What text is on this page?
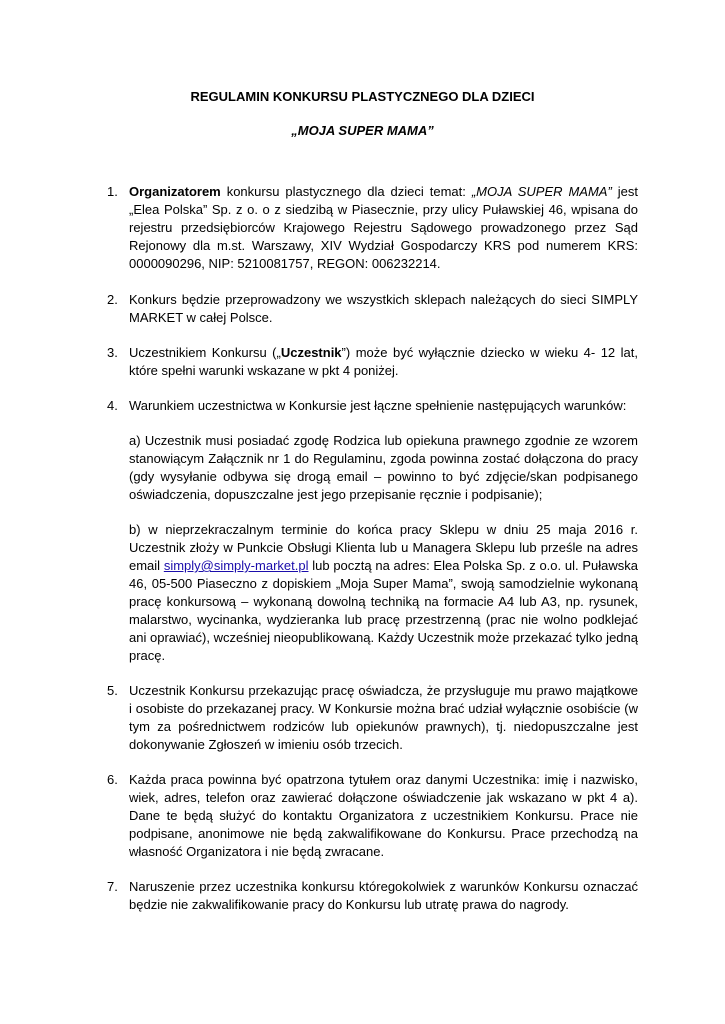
REGULAMIN KONKURSU PLASTYCZNEGO DLA DZIECI
„MOJA SUPER MAMA”
1. Organizatorem konkursu plastycznego dla dzieci temat: „MOJA SUPER MAMA” jest „Elea Polska” Sp. z o. o z siedzibą w Piasecznie, przy ulicy Puławskiej 46, wpisana do rejestru przedsiębiorców Krajowego Rejestru Sądowego prowadzonego przez Sąd Rejonowy dla m.st. Warszawy, XIV Wydział Gospodarczy KRS pod numerem KRS: 0000090296, NIP: 5210081757, REGON: 006232214.

2. Konkurs będzie przeprowadzony we wszystkich sklepach należących do sieci SIMPLY MARKET w całej Polsce.

3. Uczestnikiem Konkursu („Uczestnik”) może być wyłącznie dziecko w wieku 4- 12 lat, które spełni warunki wskazane w pkt 4 poniżej.

4. Warunkiem uczestnictwa w Konkursie jest łączne spełnienie następujących warunków:

a) Uczestnik musi posiadać zgodę Rodzica lub opiekuna prawnego zgodnie ze wzorem stanowiącym Załącznik nr 1 do Regulaminu, zgoda powinna zostać dołączona do pracy (gdy wysyłanie odbywa się drogą email – powinno to być zdjęcie/skan podpisanego oświadczenia, dopuszczalne jest jego przepisanie ręcznie i podpisanie);

b) w nieprzekraczalnym terminie do końca pracy Sklepu w dniu 25 maja 2016 r. Uczestnik złoży w Punkcie Obsługi Klienta lub u Managera Sklepu lub prześle na adres email simply@simply-market.pl lub pocztą na adres: Elea Polska Sp. z o.o. ul. Puławska 46, 05-500 Piaseczno z dopiskiem „Moja Super Mama”, swoją samodzielnie wykonaną pracę konkursową – wykonaną dowolną techniką na formacie A4 lub A3, np. rysunek, malarstwo, wycinanka, wydzieranka lub pracę przestrzenną (prac nie wolno podklejać ani oprawiać), wcześniej nieopublikowaną. Każdy Uczestnik może przekazać tylko jedną pracę.

5. Uczestnik Konkursu przekazując pracę oświadcza, że przysługuje mu prawo majątkowe i osobiste do przekazanej pracy. W Konkursie można brać udział wyłącznie osobiście (w tym za pośrednictwem rodziców lub opiekunów prawnych), tj. niedopuszczalne jest dokonywanie Zgłoszeń w imieniu osób trzecich.

6. Każda praca powinna być opatrzona tytułem oraz danymi Uczestnika: imię i nazwisko, wiek, adres, telefon oraz zawierać dołączone oświadczenie jak wskazano w pkt 4 a). Dane te będą służyć do kontaktu Organizatora z uczestnikiem Konkursu. Prace nie podpisane, anonimowe nie będą zakwalifikowane do Konkursu. Prace przechodzą na własność Organizatora i nie będą zwracane.

7. Naruszenie przez uczestnika konkursu któregokolwiek z warunków Konkursu oznaczać będzie nie zakwalifikowanie pracy do Konkursu lub utratę prawa do nagrody.
